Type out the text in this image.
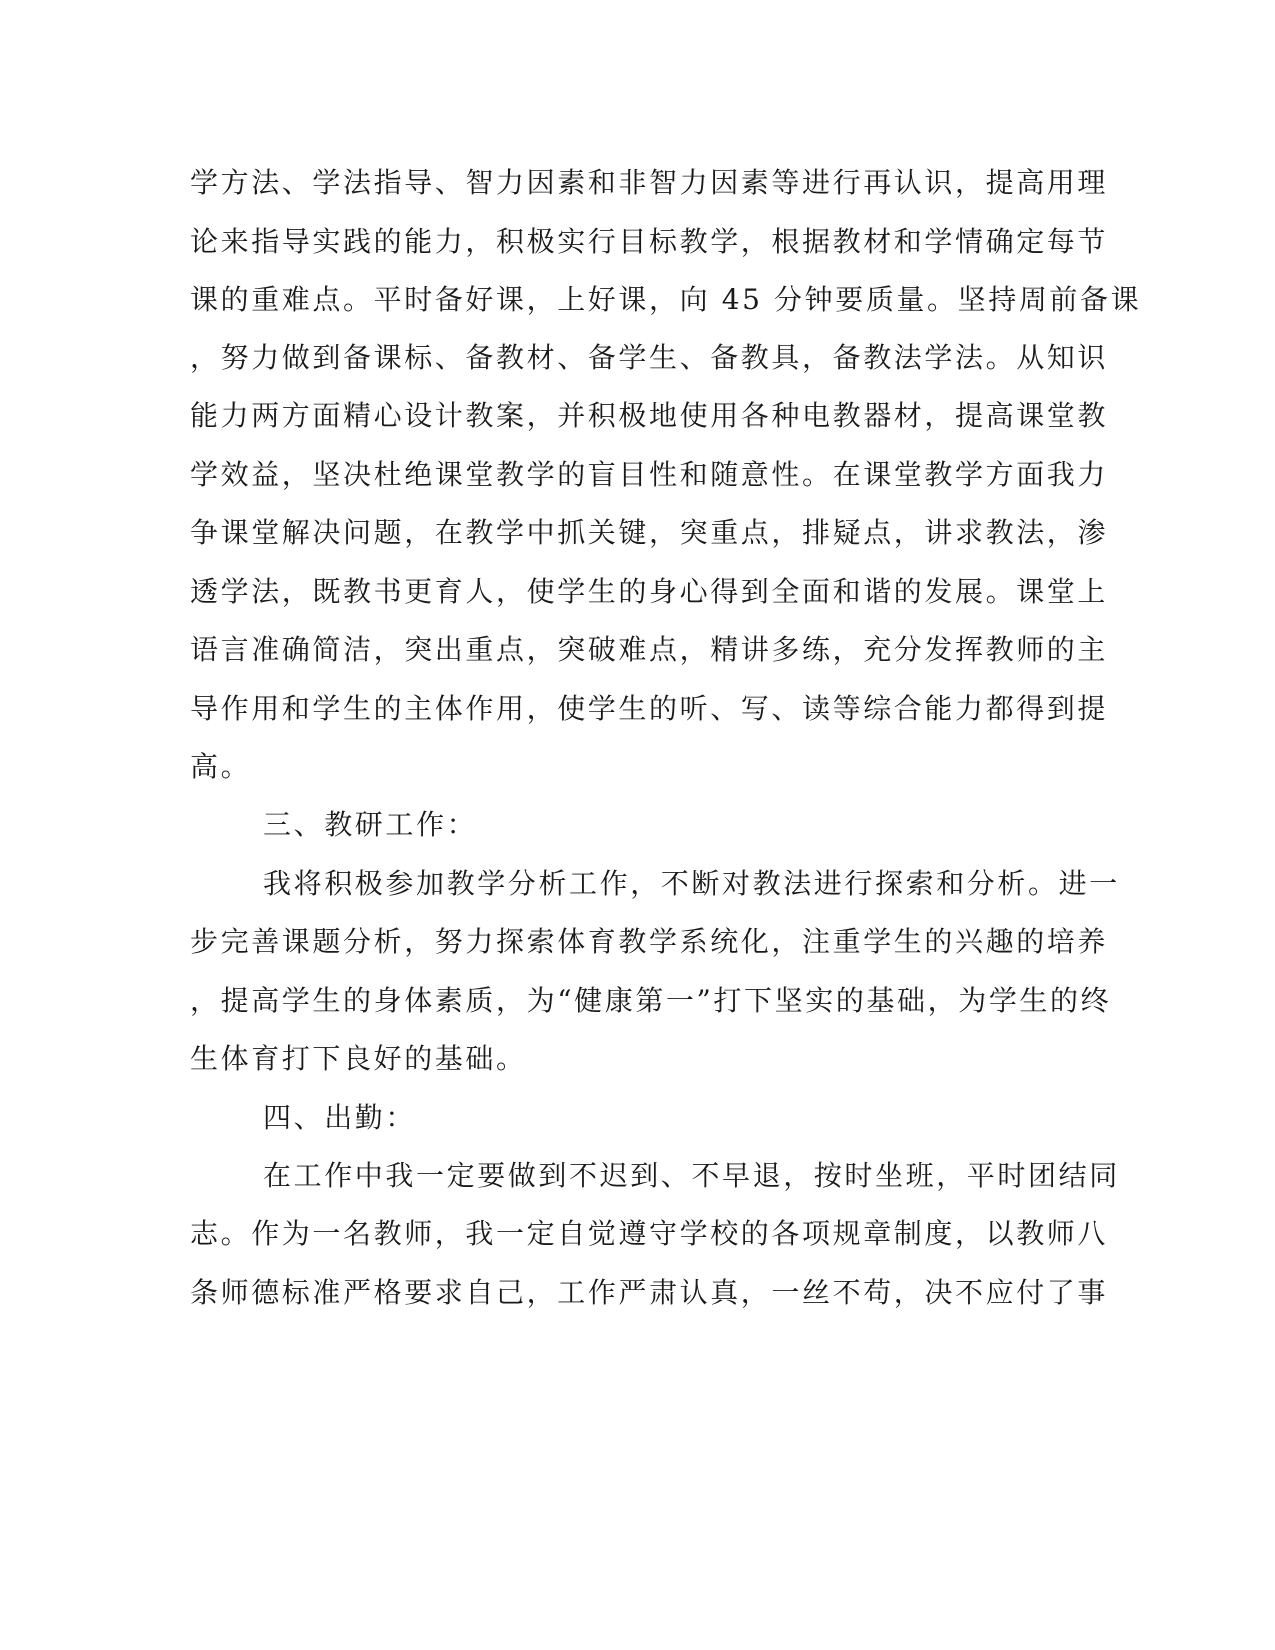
学方法、学法指导、智力因素和非智力因素等进行再认识，提高用理
论来指导实践的能力，积极实行目标教学，根据教材和学情确定每节
课的重难点。平时备好课，上好课，向 45 分钟要质量。坚持周前备课
，努力做到备课标、备教材、备学生、备教具，备教法学法。从知识
能力两方面精心设计教案，并积极地使用各种电教器材，提高课堂教
学效益，坚决杜绝课堂教学的盲目性和随意性。在课堂教学方面我力
争课堂解决问题，在教学中抓关键，突重点，排疑点，讲求教法，渗
透学法，既教书更育人，使学生的身心得到全面和谐的发展。课堂上
语言准确简洁，突出重点，突破难点，精讲多练，充分发挥教师的主
导作用和学生的主体作用，使学生的听、写、读等综合能力都得到提
高。
三、教研工作：
我将积极参加教学分析工作，不断对教法进行探索和分析。进一
步完善课题分析，努力探索体育教学系统化，注重学生的兴趣的培养
，提高学生的身体素质，为“健康第一”打下坚实的基础，为学生的终
生体育打下良好的基础。
四、出勤：
在工作中我一定要做到不迟到、不早退，按时坐班，平时团结同
志。作为一名教师，我一定自觉遵守学校的各项规章制度，以教师八
条师德标准严格要求自己，工作严肃认真，一丝不苟，决不应付了事
